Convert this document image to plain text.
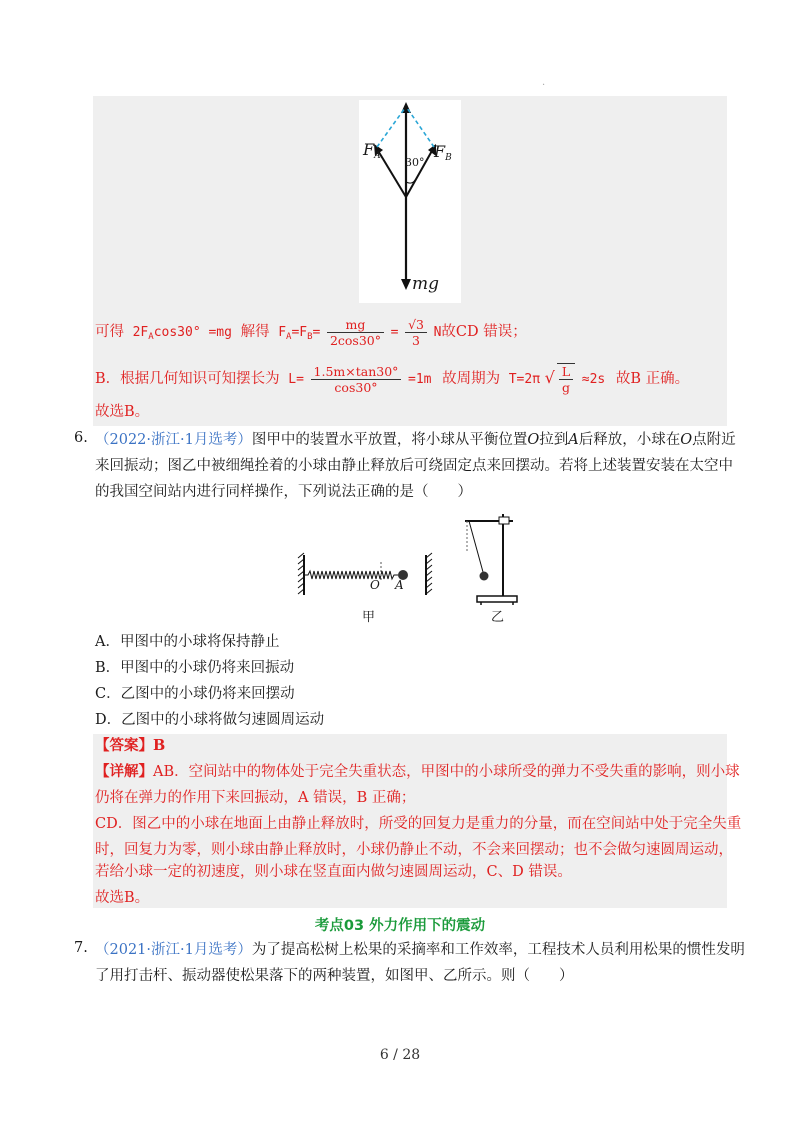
·
$F_A$	$F_B$
30°
mg
可得 $2F_A\cos 30^\circ =mg$ 解得 $F_A=F_B= \frac{mg}{2\cos 30^\circ} = \frac{√3}{3}$ N故CD 错误；
B．根据几何知识可知摆长为 $L= \frac{1.5m\times\tan 30^\circ}{\cos 30^\circ} =1m$ 故周期为 T=2π √ $\frac{L}{g} \approx 2s$ 故B 正确。
故选B。
6. （2022·浙江·1月选考）图甲中的装置水平放置，将小球从平衡位置O拉到A后释放，小球在O点附近
来回振动；图乙中被细绳拴着的小球由静止释放后可绕固定点来回摆动。若将上述装置安装在太空中
的我国空间站内进行同样操作，下列说法正确的是（　　）
O A
甲	乙
A．甲图中的小球将保持静止
B．甲图中的小球仍将来回振动
C．乙图中的小球仍将来回摆动
D．乙图中的小球将做匀速圆周运动
【答案】B
【详解】AB．空间站中的物体处于完全失重状态，甲图中的小球所受的弹力不受失重的影响，则小球
仍将在弹力的作用下来回振动，A 错误，B 正确；
CD．图乙中的小球在地面上由静止释放时，所受的回复力是重力的分量，而在空间站中处于完全失重
时，回复力为零，则小球由静止释放时，小球仍静止不动，不会来回摆动；也不会做匀速圆周运动，
若给小球一定的初速度，则小球在竖直面内做匀速圆周运动，C、D 错误。
故选B。
考点03 外力作用下的震动
7. （2021·浙江·1月选考）为了提高松树上松果的采摘率和工作效率，工程技术人员利用松果的惯性发明
了用打击杆、振动器使松果落下的两种装置，如图甲、乙所示。则（　　）
6 / 28
